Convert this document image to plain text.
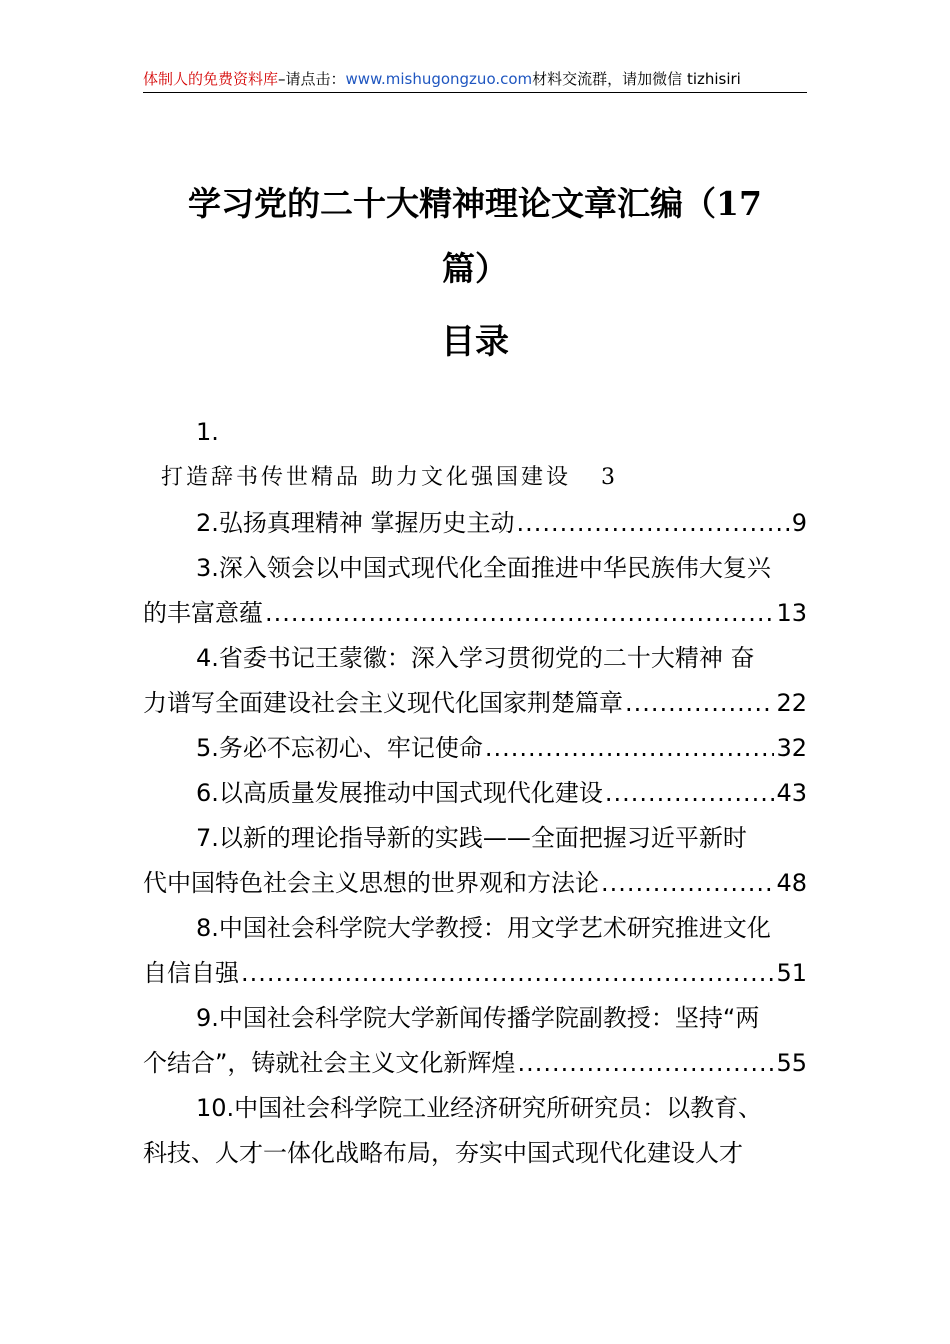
体制人的免费资料库–请点击：www.mishugongzuo.com材料交流群，请加微信 tizhisiri
学习党的二十大精神理论文章汇编（17
篇）
目录
1.
打造辞书传世精品 助力文化强国建设 3
2.弘扬真理精神 掌握历史主动 .....	9
3.深入领会以中国式现代化全面推进中华民族伟大复兴
的丰富意蕴 .....	13
4.省委书记王蒙徽：深入学习贯彻党的二十大精神 奋
力谱写全面建设社会主义现代化国家荆楚篇章 .....	22
5.务必不忘初心、牢记使命 .....	32
6.以高质量发展推动中国式现代化建设 .....	43
7.以新的理论指导新的实践——全面把握习近平新时
代中国特色社会主义思想的世界观和方法论 .....	48
8.中国社会科学院大学教授：用文学艺术研究推进文化
自信自强 .....	51
9.中国社会科学院大学新闻传播学院副教授：坚持“两
个结合”，铸就社会主义文化新辉煌 .....	55
10.中国社会科学院工业经济研究所研究员：以教育、
科技、人才一体化战略布局，夯实中国式现代化建设人才
